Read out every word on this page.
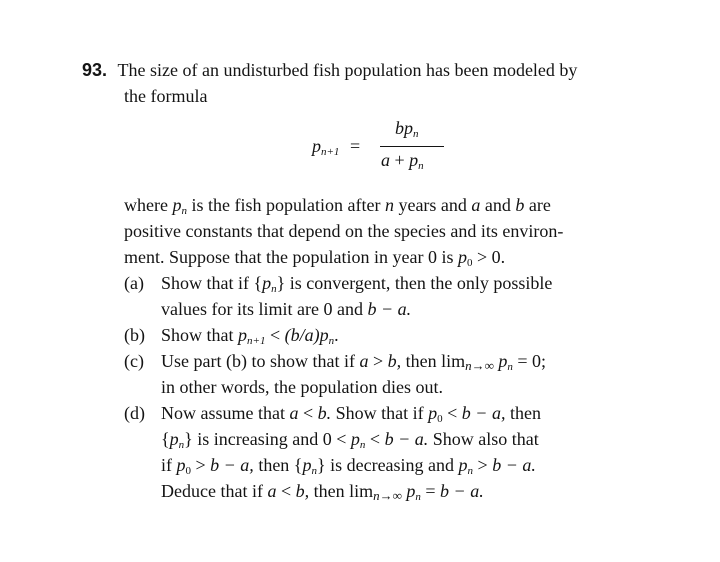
93. The size of an undisturbed fish population has been modeled by
the formula
$p_{n+1}$ =
$bp_n$
$a + p_n$
where $p_n$ is the fish population after n years and a and b are
positive constants that depend on the species and its environ-
ment. Suppose that the population in year 0 is $p_0 > 0$.
(a) Show that if $\{p_n\}$ is convergent, then the only possible
values for its limit are 0 and b − a.
(b) Show that $p_{n+1} < (b/a)p_n$.
(c) Use part (b) to show that if a > b, then $\lim_{n\to\infty} p_n = 0$;
in other words, the population dies out.
(d) Now assume that a < b. Show that if $p_0 < b - a$, then
$\{p_n\}$ is increasing and $0 < p_n < b - a$. Show also that
if $p_0 > b - a$, then $\{p_n\}$ is decreasing and $p_n > b - a$.
Deduce that if a < b, then $\lim_{n\to\infty} p_n = b - a$.
